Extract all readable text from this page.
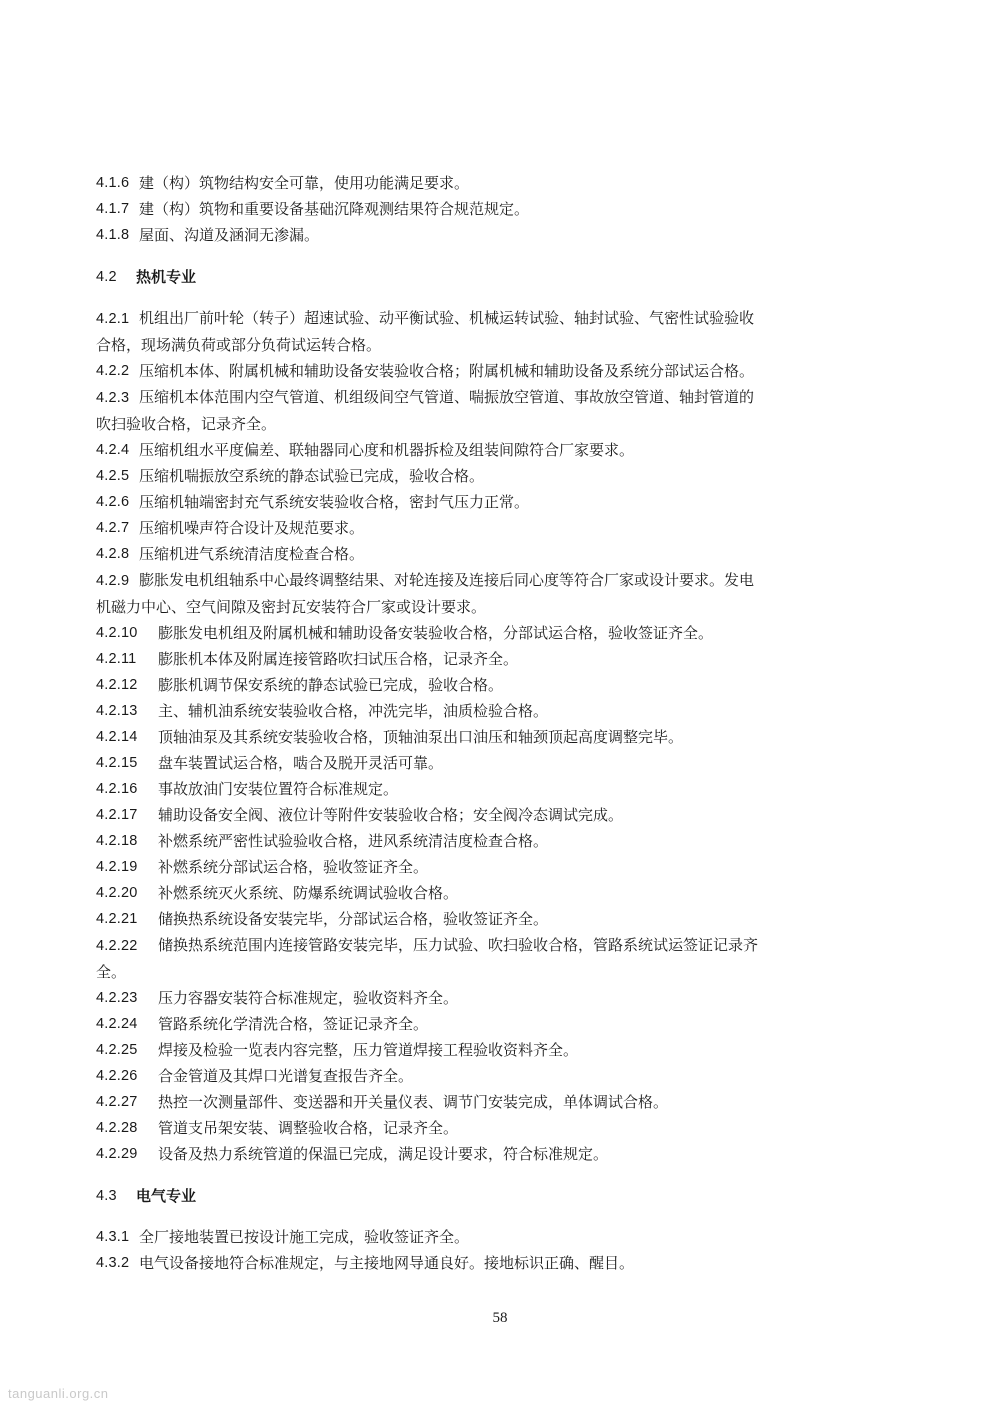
4.1.6 建（构）筑物结构安全可靠，使用功能满足要求。
4.1.7 建（构）筑物和重要设备基础沉降观测结果符合规范规定。
4.1.8 屋面、沟道及涵洞无渗漏。
4.2	热机专业
4.2.1 机组出厂前叶轮（转子）超速试验、动平衡试验、机械运转试验、轴封试验、气密性试验验收
合格，现场满负荷或部分负荷试运转合格。
4.2.2 压缩机本体、附属机械和辅助设备安装验收合格；附属机械和辅助设备及系统分部试运合格。
4.2.3 压缩机本体范围内空气管道、机组级间空气管道、喘振放空管道、事故放空管道、轴封管道的
吹扫验收合格，记录齐全。
4.2.4 压缩机组水平度偏差、联轴器同心度和机器拆检及组装间隙符合厂家要求。
4.2.5 压缩机喘振放空系统的静态试验已完成，验收合格。
4.2.6 压缩机轴端密封充气系统安装验收合格，密封气压力正常。
4.2.7 压缩机噪声符合设计及规范要求。
4.2.8 压缩机进气系统清洁度检查合格。
4.2.9 膨胀发电机组轴系中心最终调整结果、对轮连接及连接后同心度等符合厂家或设计要求。发电
机磁力中心、空气间隙及密封瓦安装符合厂家或设计要求。
4.2.10	膨胀发电机组及附属机械和辅助设备安装验收合格，分部试运合格，验收签证齐全。
4.2.11	膨胀机本体及附属连接管路吹扫试压合格，记录齐全。
4.2.12	膨胀机调节保安系统的静态试验已完成，验收合格。
4.2.13	主、辅机油系统安装验收合格，冲洗完毕，油质检验合格。
4.2.14	顶轴油泵及其系统安装验收合格，顶轴油泵出口油压和轴颈顶起高度调整完毕。
4.2.15	盘车装置试运合格，啮合及脱开灵活可靠。
4.2.16	事故放油门安装位置符合标准规定。
4.2.17	辅助设备安全阀、液位计等附件安装验收合格；安全阀冷态调试完成。
4.2.18	补燃系统严密性试验验收合格，进风系统清洁度检查合格。
4.2.19	补燃系统分部试运合格，验收签证齐全。
4.2.20	补燃系统灭火系统、防爆系统调试验收合格。
4.2.21	储换热系统设备安装完毕，分部试运合格，验收签证齐全。
4.2.22 储换热系统范围内连接管路安装完毕，压力试验、吹扫验收合格，管路系统试运签证记录齐
全。
4.2.23	压力容器安装符合标准规定，验收资料齐全。
4.2.24	管路系统化学清洗合格，签证记录齐全。
4.2.25	焊接及检验一览表内容完整，压力管道焊接工程验收资料齐全。
4.2.26	合金管道及其焊口光谱复查报告齐全。
4.2.27	热控一次测量部件、变送器和开关量仪表、调节门安装完成，单体调试合格。
4.2.28	管道支吊架安装、调整验收合格，记录齐全。
4.2.29	设备及热力系统管道的保温已完成，满足设计要求，符合标准规定。
4.3	电气专业
4.3.1 全厂接地装置已按设计施工完成，验收签证齐全。
4.3.2 电气设备接地符合标准规定，与主接地网导通良好。接地标识正确、醒目。
58
tanguanli.org.cn
